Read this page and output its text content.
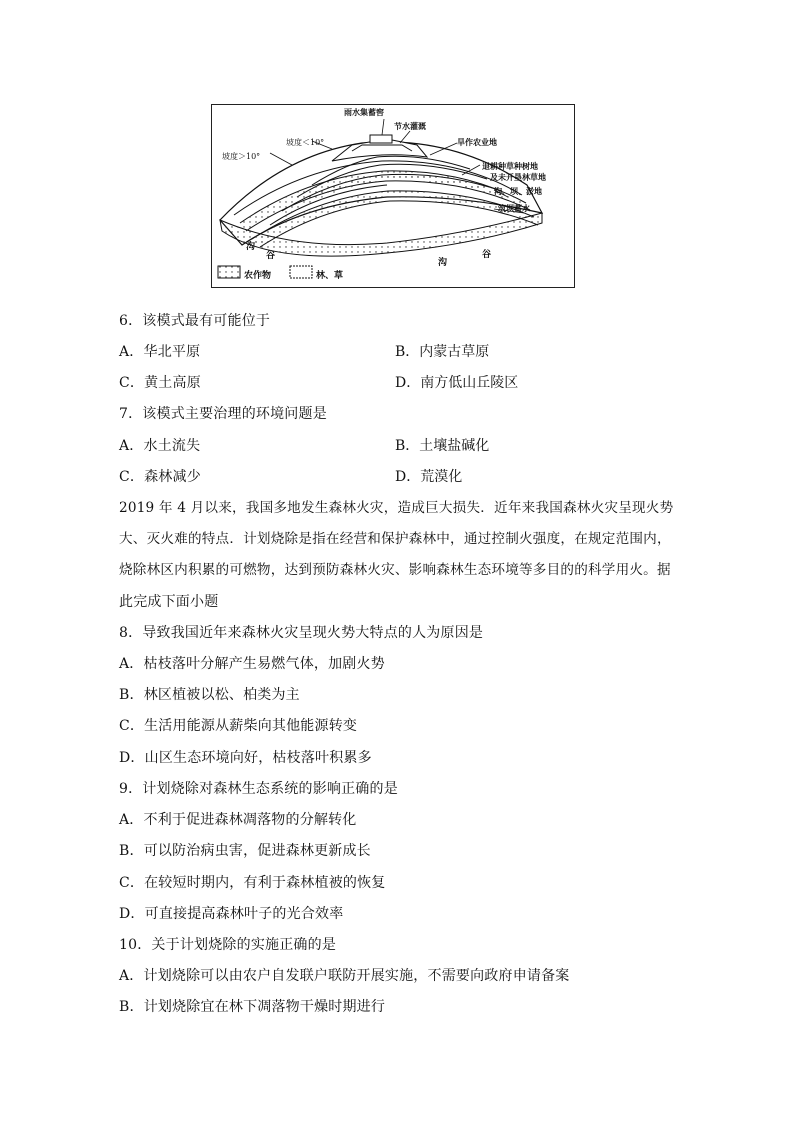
雨水集蓄窖
节水灌溉
坡度＜10°
坡度＞10°
旱作农业地
退耕种草种树地
及未开垦林草地
沟、坝、淤地
筑坝蓄水
沟
谷
沟
谷
农作物	林、草
6．该模式最有可能位于
A．华北平原	B．内蒙古草原
C．黄土高原	D．南方低山丘陵区
7．该模式主要治理的环境问题是
A．水土流失	B．土壤盐碱化
C．森林减少	D．荒漠化
2019 年 4 月以来，我国多地发生森林火灾，造成巨大损失．近年来我国森林火灾呈现火势
大、灭火难的特点．计划烧除是指在经营和保护森林中，通过控制火强度，在规定范围内，
烧除林区内积累的可燃物，达到预防森林火灾、影响森林生态环境等多目的的科学用火。据
此完成下面小题
8．导致我国近年来森林火灾呈现火势大特点的人为原因是
A．枯枝落叶分解产生易燃气体，加剧火势
B．林区植被以松、柏类为主
C．生活用能源从薪柴向其他能源转变
D．山区生态环境向好，枯枝落叶积累多
9．计划烧除对森林生态系统的影响正确的是
A．不利于促进森林凋落物的分解转化
B．可以防治病虫害，促进森林更新成长
C．在较短时期内，有利于森林植被的恢复
D．可直接提高森林叶子的光合效率
10．关于计划烧除的实施正确的是
A．计划烧除可以由农户自发联户联防开展实施，不需要向政府申请备案
B．计划烧除宜在林下凋落物干燥时期进行
